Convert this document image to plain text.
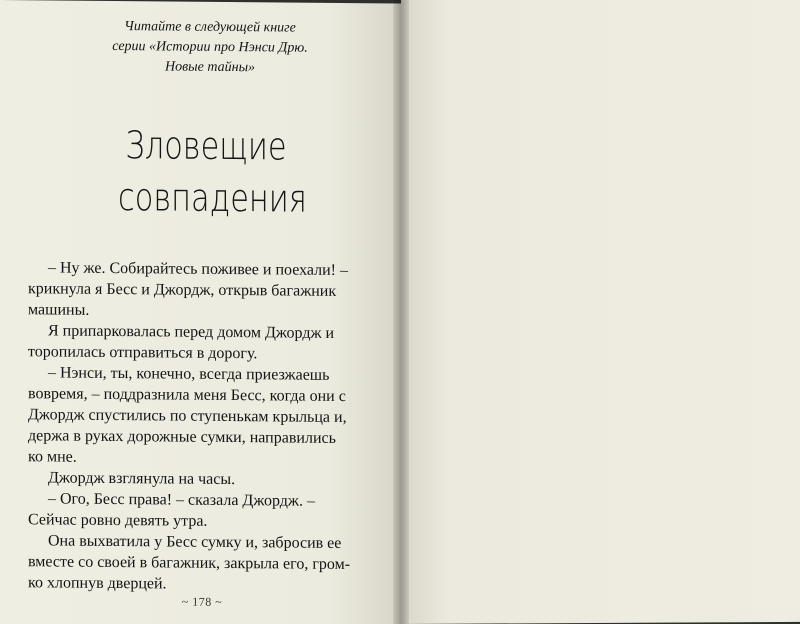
Читайте в следующей книге
серии «Истории про Нэнси Дрю.
Новые тайны»
Зловещие
совпадения
– Ну же. Собирайтесь поживее и поехали! –
крикнула я Бесс и Джордж, открыв багажник
машины.
Я припарковалась перед домом Джордж и
торопилась отправиться в дорогу.
– Нэнси, ты, конечно, всегда приезжаешь
вовремя, – поддразнила меня Бесс, когда они с
Джордж спустились по ступенькам крыльца и,
держа в руках дорожные сумки, направились
ко мне.
Джордж взглянула на часы.
– Ого, Бесс права! – сказала Джордж. –
Сейчас ровно девять утра.
Она выхватила у Бесс сумку и, забросив ее
вместе со своей в багажник, закрыла его, гром-
ко хлопнув дверцей.
~ 178 ~
